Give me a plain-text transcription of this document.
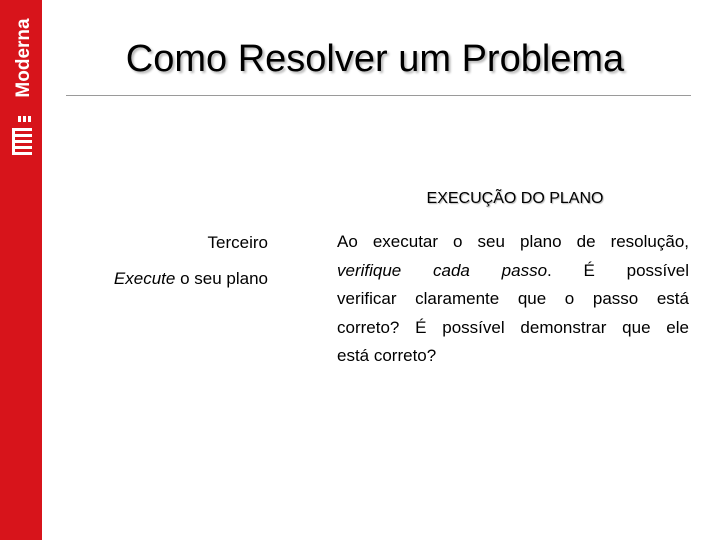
Moderna	Como Resolver um Problema
EXECUÇÃO DO PLANO
Terceiro
Execute o seu plano
Ao executar o seu plano de resolução,
verifique cada passo. É possível
verificar claramente que o passo está
correto? É possível demonstrar que ele
está correto?
